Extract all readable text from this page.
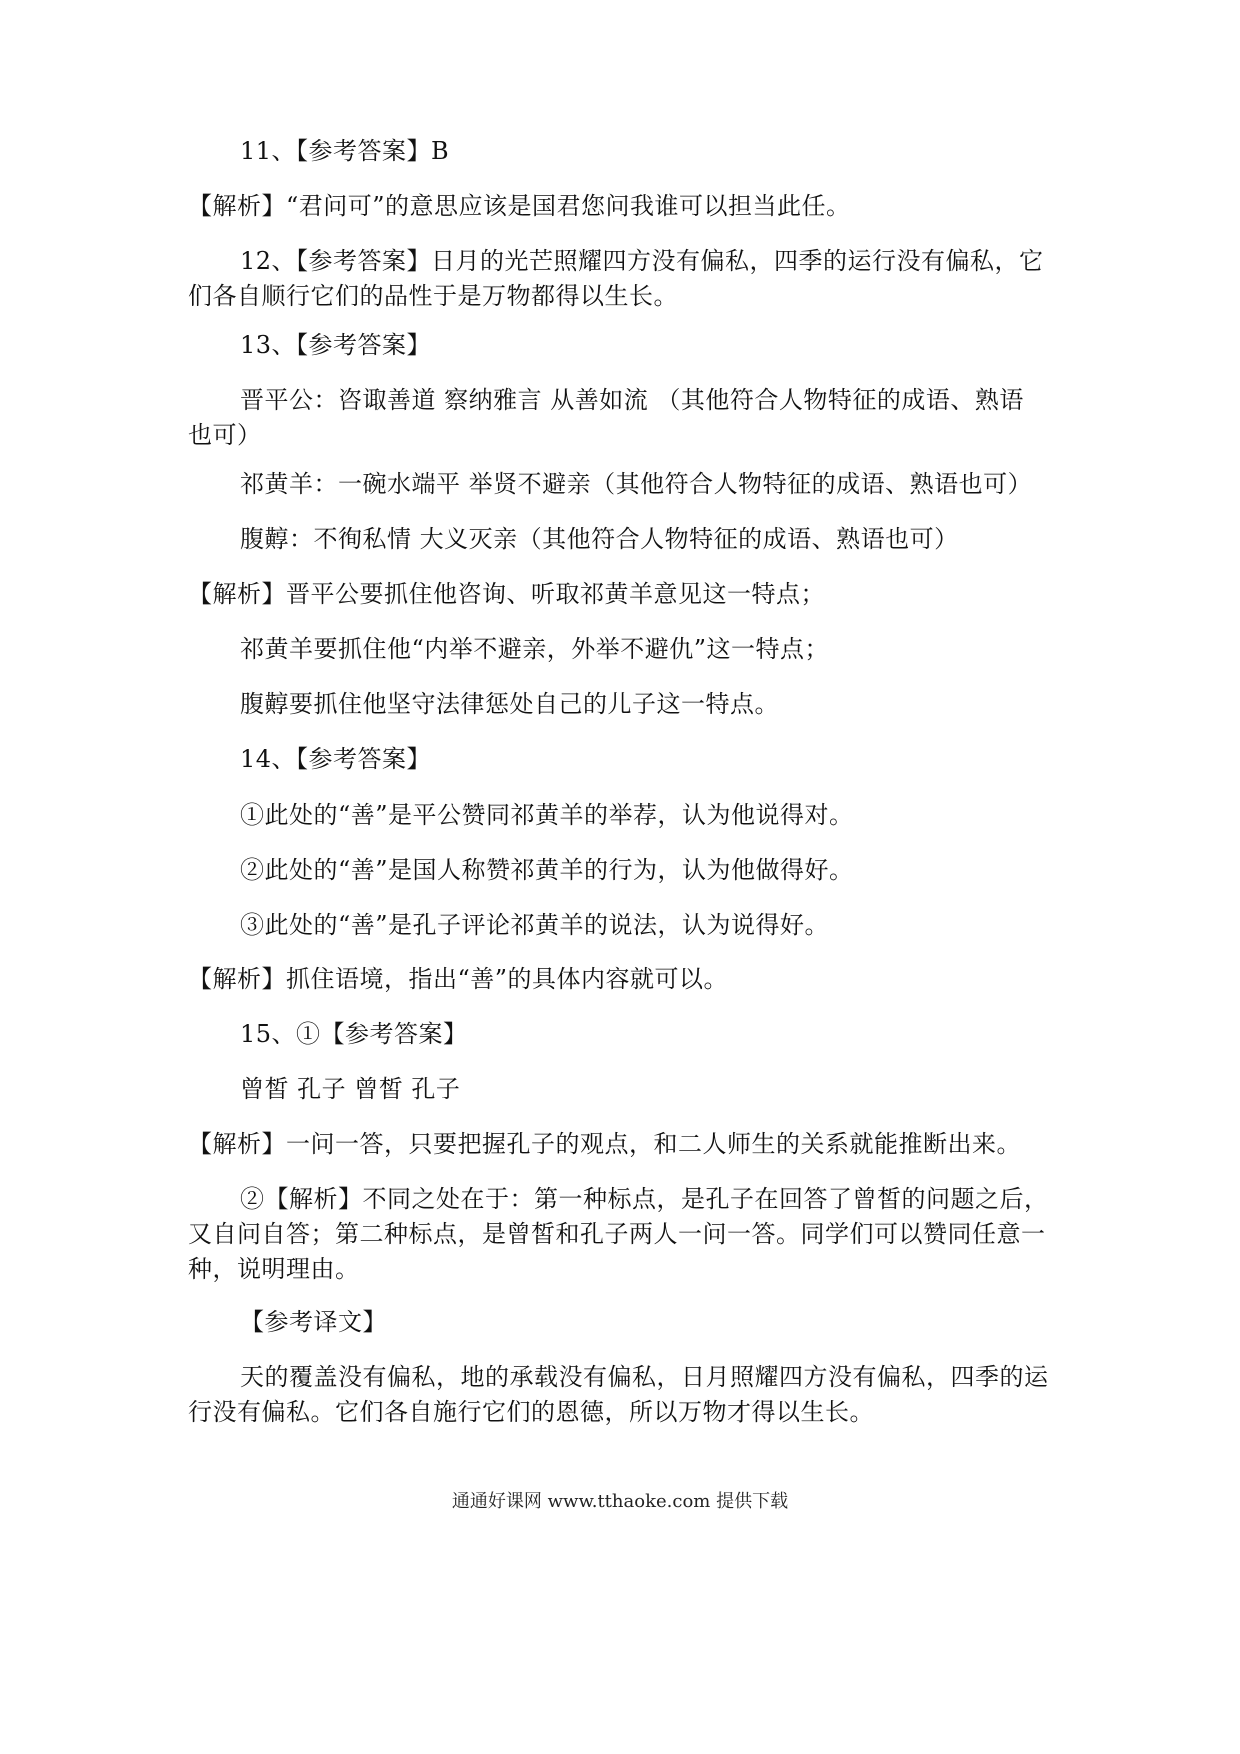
11、【参考答案】B
【解析】“君问可”的意思应该是国君您问我谁可以担当此任。
12、【参考答案】日月的光芒照耀四方没有偏私，四季的运行没有偏私，它
们各自顺行它们的品性于是万物都得以生长。
13、【参考答案】
晋平公：咨诹善道 察纳雅言 从善如流 （其他符合人物特征的成语、熟语
也可）
祁黄羊：一碗水端平 举贤不避亲（其他符合人物特征的成语、熟语也可）
腹䵍：不徇私情 大义灭亲（其他符合人物特征的成语、熟语也可）
【解析】晋平公要抓住他咨询、听取祁黄羊意见这一特点；
祁黄羊要抓住他“内举不避亲，外举不避仇”这一特点；
腹䵍要抓住他坚守法律惩处自己的儿子这一特点。
14、【参考答案】
①此处的“善”是平公赞同祁黄羊的举荐，认为他说得对。
②此处的“善”是国人称赞祁黄羊的行为，认为他做得好。
③此处的“善”是孔子评论祁黄羊的说法，认为说得好。
【解析】抓住语境，指出“善”的具体内容就可以。
15、①【参考答案】
曾皙 孔子 曾皙 孔子
【解析】一问一答，只要把握孔子的观点，和二人师生的关系就能推断出来。
②【解析】不同之处在于：第一种标点，是孔子在回答了曾皙的问题之后，
又自问自答；第二种标点，是曾皙和孔子两人一问一答。同学们可以赞同任意一
种，说明理由。
【参考译文】
天的覆盖没有偏私，地的承载没有偏私，日月照耀四方没有偏私，四季的运
行没有偏私。它们各自施行它们的恩德，所以万物才得以生长。
通通好课网 www.tthaoke.com 提供下载
